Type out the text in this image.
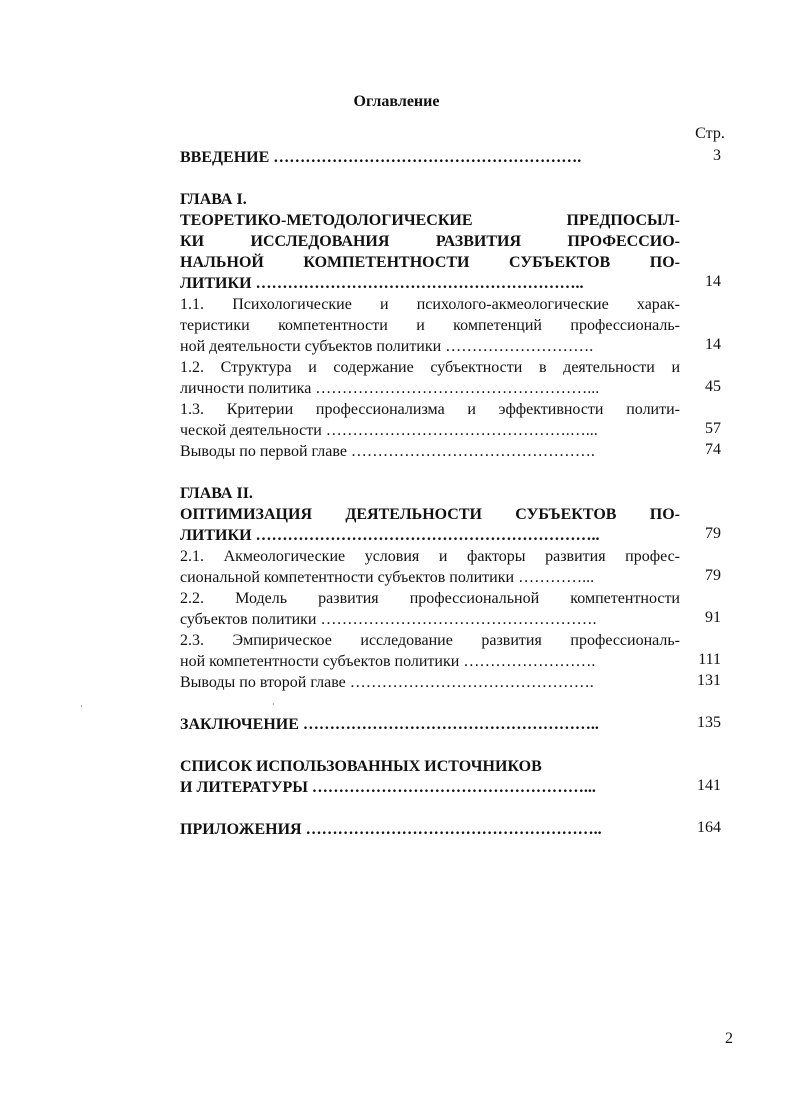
Оглавление
Стр.

ВВЕДЕНИЕ ………………………………………………….	3

ГЛАВА I.

ТЕОРЕТИКО-МЕТОДОЛОГИЧЕСКИЕ ПРЕДПОСЫЛ-

КИ ИССЛЕДОВАНИЯ РАЗВИТИЯ ПРОФЕССИО-

НАЛЬНОЙ КОМПЕТЕНТНОСТИ СУБЪЕКТОВ ПО-

ЛИТИКИ ……………………………………………………..	14

1.1. Психологические и психолого-акмеологические харак-

теристики компетентности и компетенций профессиональ-

ной деятельности субъектов политики ……………………….	14

1.2. Структура и содержание субъектности в деятельности и

личности политика ……………………………………………...	45

1.3. Критерии профессионализма и эффективности полити-

ческой деятельности ……………………………………….…...	57

Выводы по первой главе ……………………………………….	74

ГЛАВА II.

ОПТИМИЗАЦИЯ ДЕЯТЕЛЬНОСТИ СУБЪЕКТОВ ПО-

ЛИТИКИ ………………………………………………………..	79

2.1. Акмеологические условия и факторы развития профес-

сиональной компетентности субъектов политики …………...	79

2.2. Модель развития профессиональной компетентности

субъектов политики …………………………………………….	91

2.3. Эмпирическое исследование развития профессиональ-

ной компетентности субъектов политики …………………….	111

Выводы по второй главе ……………………………………….	131

ЗАКЛЮЧЕНИЕ ………………………………………………..	135

СПИСОК ИСПОЛЬЗОВАННЫХ ИСТОЧНИКОВ

И ЛИТЕРАТУРЫ ……………………………………………...	141

ПРИЛОЖЕНИЯ ………………………………………………..	164
·	·
2
